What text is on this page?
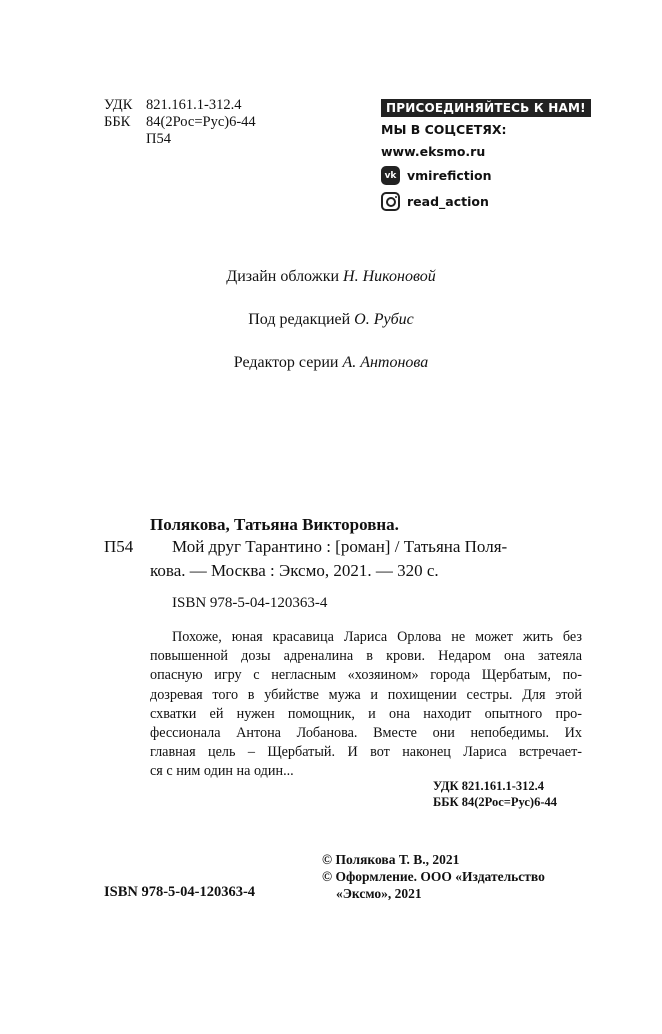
УДК 821.161.1-312.4
ББК 84(2Рос=Рус)6-44
П54
ПРИСОЕДИНЯЙТЕСЬ К НАМ!
МЫ В СОЦСЕТЯХ:
www.eksmo.ru
vk vmirefiction
read_action
Дизайн обложки Н. Никоновой
Под редакцией О. Рубис
Редактор серии А. Антонова
Полякова, Татьяна Викторовна.
П54 Мой друг Тарантино : [роман] / Татьяна Поля-
кова. — Москва : Эксмо, 2021. — 320 с.
ISBN 978-5-04-120363-4
Похоже, юная красавица Лариса Орлова не может жить без
повышенной дозы адреналина в крови. Недаром она затеяла
опасную игру с негласным «хозяином» города Щербатым, по-
дозревая того в убийстве мужа и похищении сестры. Для этой
схватки ей нужен помощник, и она находит опытного про-
фессионала Антона Лобанова. Вместе они непобедимы. Их
главная цель – Щербатый. И вот наконец Лариса встречает-
ся с ним один на один...
УДК 821.161.1-312.4
ББК 84(2Рос=Рус)6-44
© Полякова Т. В., 2021
© Оформление. ООО «Издательство
«Эксмо», 2021
ISBN 978-5-04-120363-4
